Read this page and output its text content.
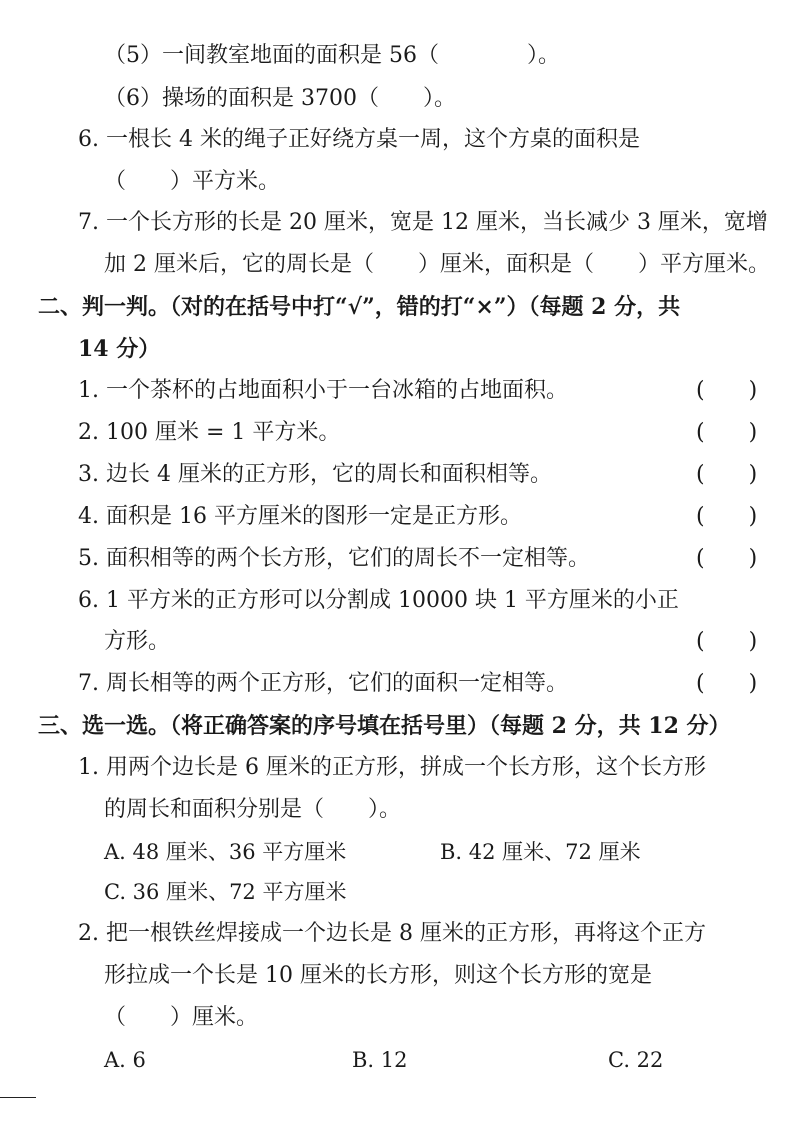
（5）一间教室地面的面积是 56（　　　　）。
（6）操场的面积是 3700（　　）。
6. 一根长 4 米的绳子正好绕方桌一周，这个方桌的面积是
（　　）平方米。
7. 一个长方形的长是 20 厘米，宽是 12 厘米，当长减少 3 厘米，宽增
加 2 厘米后，它的周长是（　　）厘米，面积是（　　）平方厘米。
二、判一判。（对的在括号中打“√”，错的打“×”）（每题 2 分，共
14 分）
1. 一个茶杯的占地面积小于一台冰箱的占地面积。	(　　)
2. 100 厘米 = 1 平方米。	(　　)
3. 边长 4 厘米的正方形，它的周长和面积相等。	(　　)
4. 面积是 16 平方厘米的图形一定是正方形。	(　　)
5. 面积相等的两个长方形，它们的周长不一定相等。	(　　)
6. 1 平方米的正方形可以分割成 10000 块 1 平方厘米的小正
方形。	(　　)
7. 周长相等的两个正方形，它们的面积一定相等。	(　　)
三、选一选。（将正确答案的序号填在括号里）（每题 2 分，共 12 分）
1. 用两个边长是 6 厘米的正方形，拼成一个长方形，这个长方形
的周长和面积分别是（　　）。
A. 48 厘米、36 平方厘米	B. 42 厘米、72 厘米
C. 36 厘米、72 平方厘米
2. 把一根铁丝焊接成一个边长是 8 厘米的正方形，再将这个正方
形拉成一个长是 10 厘米的长方形，则这个长方形的宽是
（　　）厘米。
A. 6	B. 12	C. 22
